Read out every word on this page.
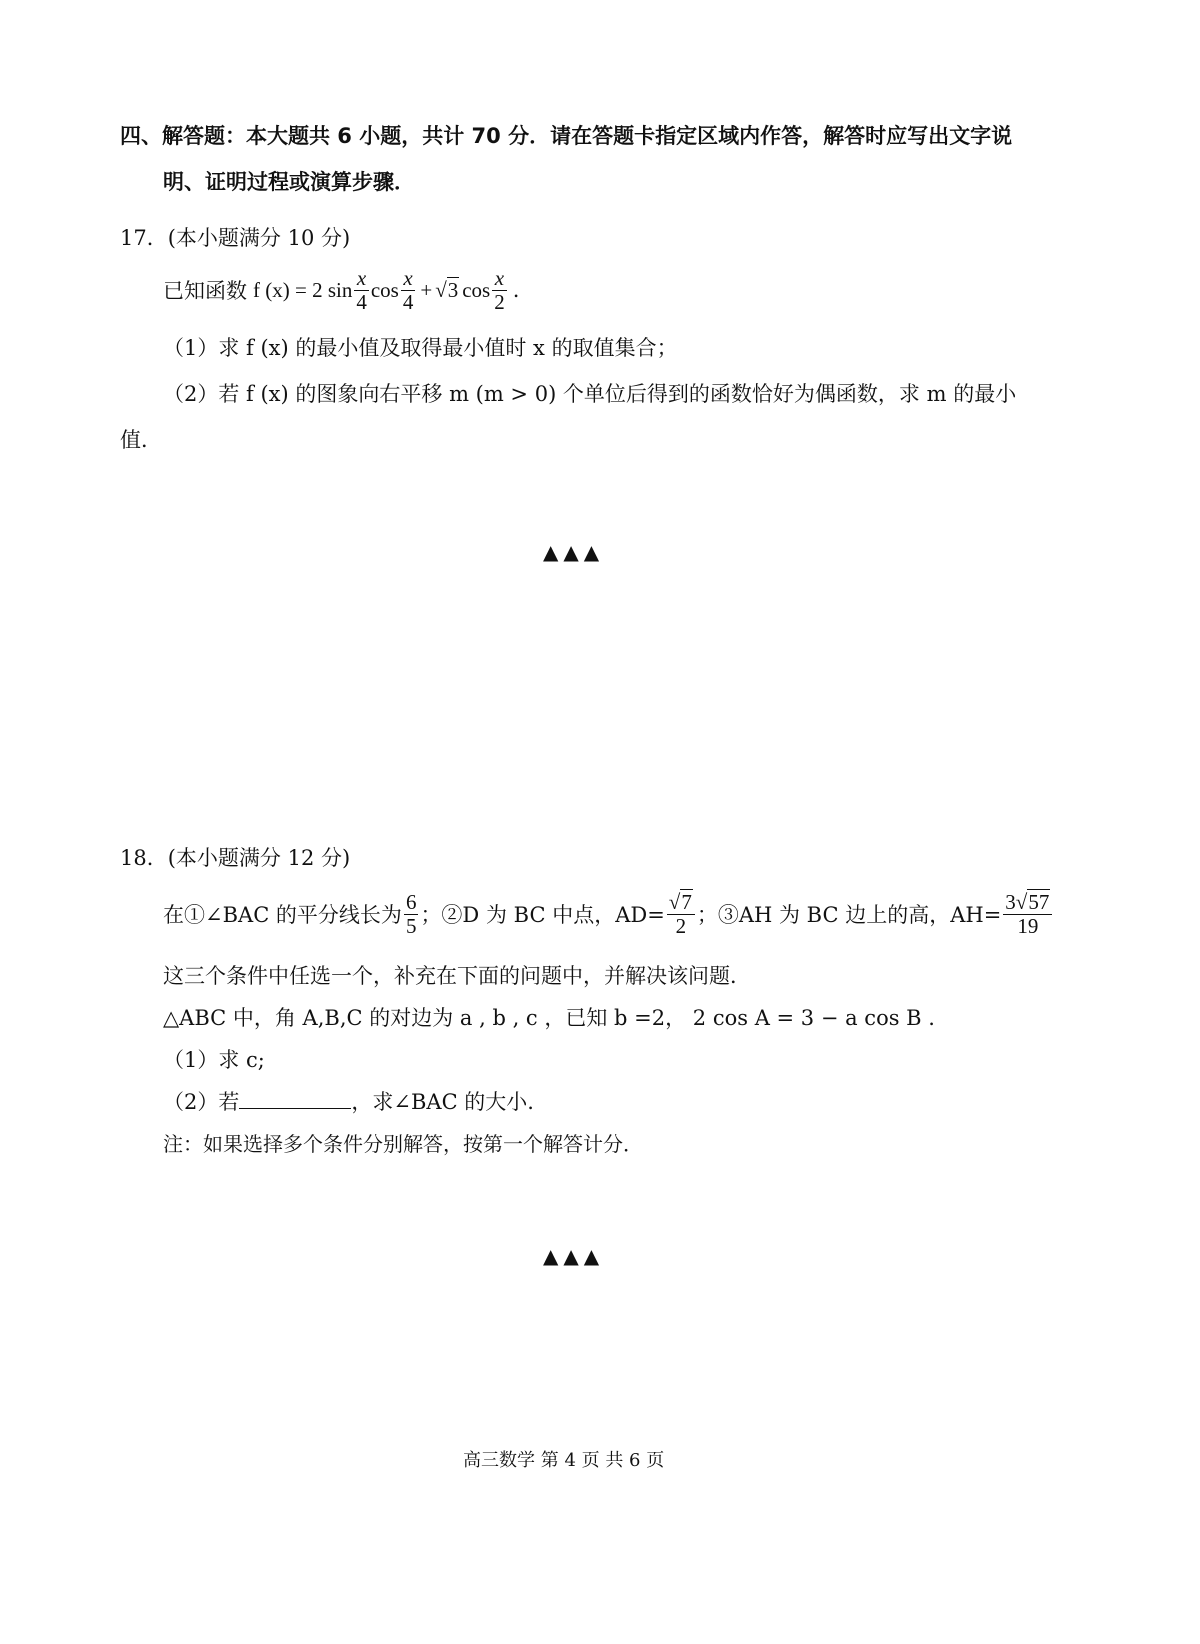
四、解答题：本大题共 6 小题，共计 70 分．请在答题卡指定区域内作答，解答时应写出文字说
明、证明过程或演算步骤．
17．(本小题满分 10 分)
已知函数 f (x) = 2 $\sin \frac{x}{4}$ $\cos \frac{x}{4} + √3$ $\cos \frac{x}{2}$ .
（1）求 f (x) 的最小值及取得最小值时 x 的取值集合；
（2）若 f (x) 的图象向右平移 m (m > 0) 个单位后得到的函数恰好为偶函数，求 m 的最小
值．
▲▲▲
18．(本小题满分 12 分)
在①∠BAC 的平分线长为 $\frac{6}{5}$ ；②D 为 BC 中点，$AD= \frac{√7}{2}$ ；③AH 为 BC 边上的高，$AH= \frac{3√57}{19}$
这三个条件中任选一个，补充在下面的问题中，并解决该问题．
△ABC 中，角 A,B,C 的对边为 a , b , c ，已知 b =2， 2 cos A = 3 − a cos B .
（1）求 c;
（2）若	，求∠BAC 的大小.
注：如果选择多个条件分别解答，按第一个解答计分．
▲▲▲
高三数学 第 4 页 共 6 页
